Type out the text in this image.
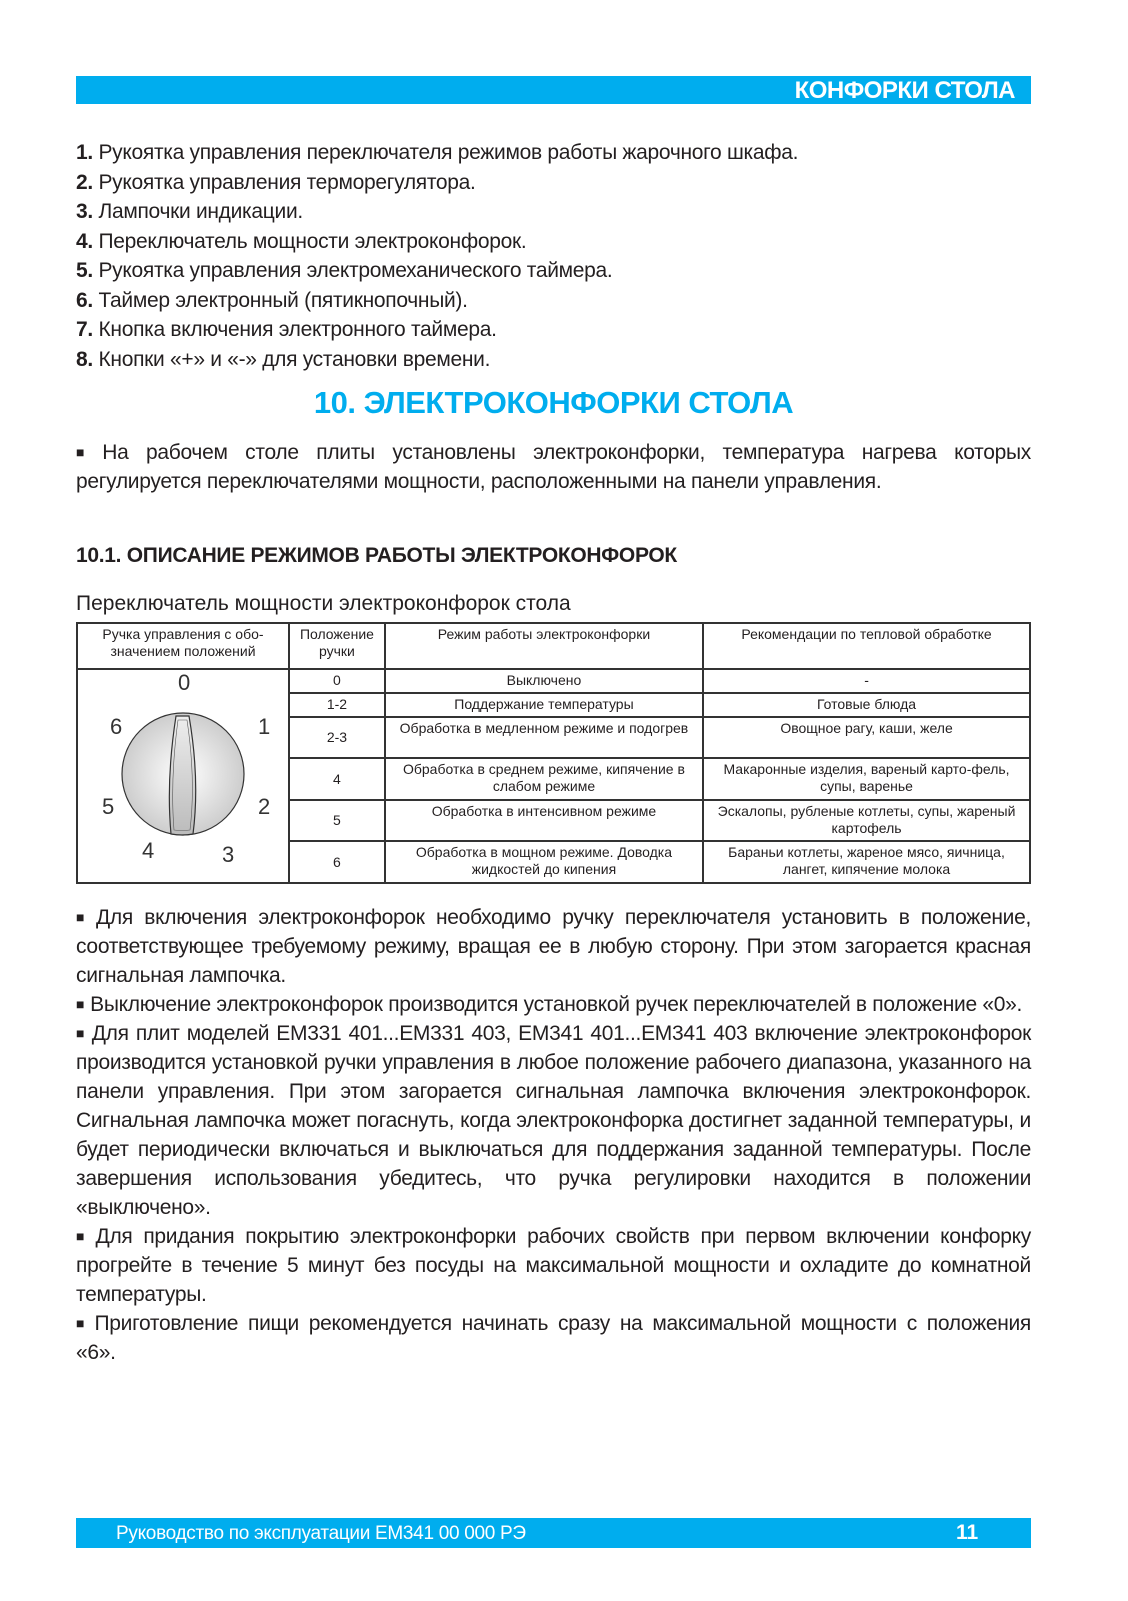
КОНФОРКИ СТОЛА
1. Рукоятка управления переключателя режимов работы жарочного шкафа.
2. Рукоятка управления терморегулятора.
3. Лампочки индикации.
4. Переключатель мощности электроконфорок.
5. Рукоятка управления электромеханического таймера.
6. Таймер электронный (пятикнопочный).
7. Кнопка включения электронного таймера.
8. Кнопки «+» и «-» для установки времени.
10. ЭЛЕКТРОКОНФОРКИ СТОЛА

■ На рабочем столе плиты установлены электроконфорки, температура нагрева которых регулируется переключателями мощности, расположенными на панели управления.

10.1. ОПИСАНИЕ РЕЖИМОВ РАБОТЫ ЭЛЕКТРОКОНФОРОК
Переключатель мощности электроконфорок стола
Ручка управления с обо-значением положений	Положение ручки	Режим работы электроконфорки	Рекомендации по тепловой обработке

0
1
2
3
4
5
6
	0	Выключено	-
	1-2	Поддержание температуры	Готовые блюда
	2-3	Обработка в медленном режиме и подогрев	Овощное рагу, каши, желе
	4	Обработка в среднем режиме, кипячение в слабом режиме	Макаронные изделия, вареный карто-фель, супы, варенье
	5	Обработка в интенсивном режиме	Эскалопы, рубленые котлеты, супы, жареный картофель
	6	Обработка в мощном режиме. Доводка жидкостей до кипения	Бараньи котлеты, жареное мясо, яичница, лангет, кипячение молока

■ Для включения электроконфорок необходимо ручку переключателя установить в положение, соответствующее требуемому режиму, вращая ее в любую сторону. При этом загорается красная сигнальная лампочка.

■ Выключение электроконфорок производится установкой ручек переключателей в положение «0».

■ Для плит моделей ЕМ331 401...ЕМ331 403, ЕМ341 401...ЕМ341 403 включение электроконфорок производится установкой ручки управления в любое положение рабочего диапазона, указанного на панели управления. При этом загорается сигнальная лампочка включения электроконфорок. Сигнальная лампочка может погаснуть, когда электроконфорка достигнет заданной температуры, и будет периодически включаться и выключаться для поддержания заданной температуры. После завершения использования убедитесь, что ручка регулировки находится в положении «выключено».

■ Для придания покрытию электроконфорки рабочих свойств при первом включении конфорку прогрейте в течение 5 минут без посуды на максимальной мощности и охладите до комнатной температуры.

■ Приготовление пищи рекомендуется начинать сразу на максимальной мощности с положения «6».

Руководство по эксплуатации ЕМ341 00 000 РЭ	11
